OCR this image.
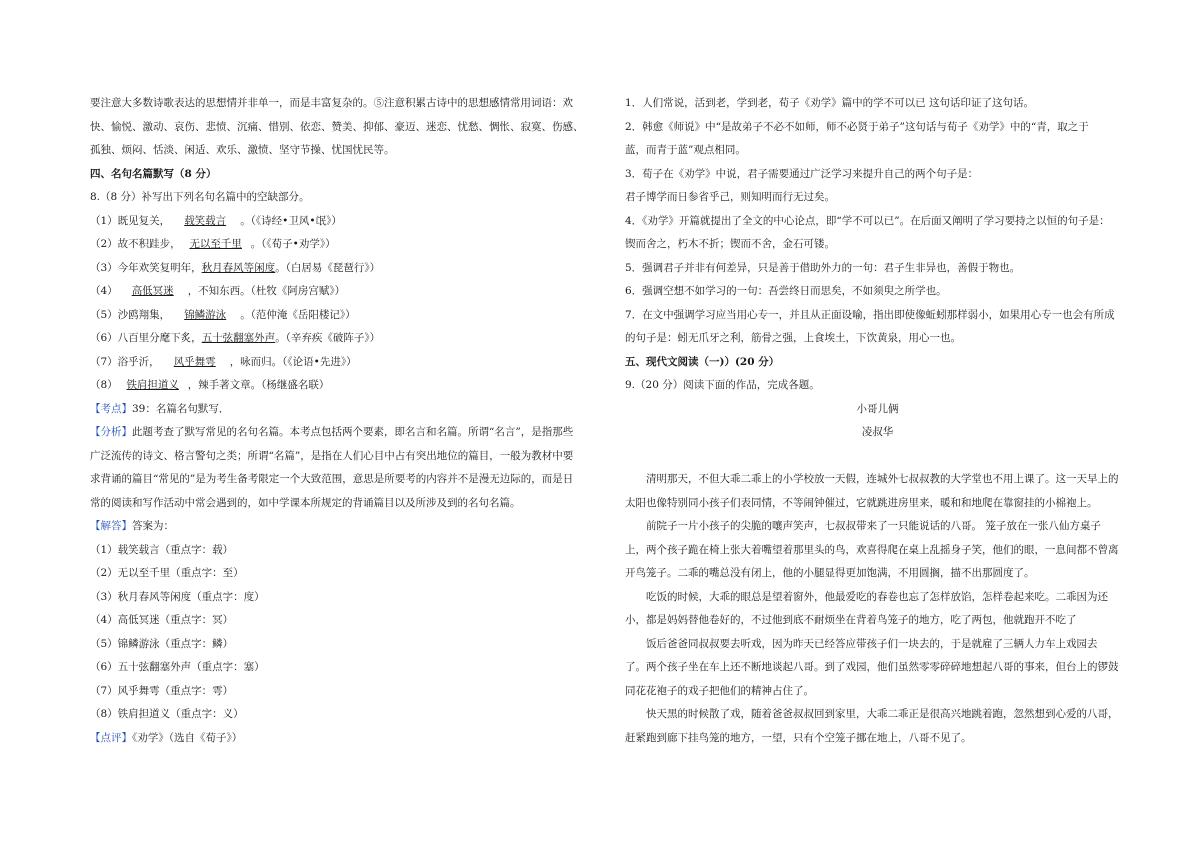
要注意大多数诗歌表达的思想情并非单一，而是丰富复杂的。⑤注意积累古诗中的思想感情常用词语：欢
快、愉悦、激动、哀伤、悲愤、沉痛、惜别、依恋、赞美、抑郁、豪迈、迷恋、忧愁、惆怅、寂寞、伤感、
孤独、烦闷、恬淡、闲适、欢乐、激愤、坚守节操、忧国忧民等。
四、名句名篇默写（8 分）
8.（8 分）补写出下列名句名篇中的空缺部分。
（1）既见复关， 载笑载言 。（《诗经•卫风•氓》）
（2）故不积跬步， 无以至千里 。（《荀子•劝学》）
（3）今年欢笑复明年，秋月春风等闲度。（白居易《琵琶行》）
（4） 高低冥迷 ，不知东西。（杜牧《阿房宫赋》）
（5）沙鸥翔集， 锦鳞游泳 。（范仲淹《岳阳楼记》）
（6）八百里分麾下炙，五十弦翻塞外声。（辛弃疾《破阵子》）
（7）浴乎沂， 风乎舞雩 ，咏而归。（《论语•先进》）
（8） 铁肩担道义 ，辣手著文章。（杨继盛名联）
【考点】39：名篇名句默写．
【分析】此题考查了默写常见的名句名篇。本考点包括两个要素，即名言和名篇。所谓“名言”，是指那些
广泛流传的诗文、格言警句之类；所谓“名篇”，是指在人们心目中占有突出地位的篇目，一般为教材中要
求背诵的篇目“常见的”是为考生备考限定一个大致范围，意思是所要考的内容并不是漫无边际的，而是日
常的阅读和写作活动中常会遇到的，如中学课本所规定的背诵篇目以及所涉及到的名句名篇。
【解答】答案为：
（1）载笑载言（重点字：载）
（2）无以至千里（重点字：至）
（3）秋月春风等闲度（重点字：度）
（4）高低冥迷（重点字：冥）
（5）锦鳞游泳（重点字：鳞）
（6）五十弦翻塞外声（重点字：塞）
（7）风乎舞雩（重点字：雩）
（8）铁肩担道义（重点字：义）
【点评】《劝学》（选自《荀子》）
1．人们常说，活到老，学到老，荀子《劝学》篇中的学不可以已 这句话印证了这句话。
2．韩愈《师说》中“是故弟子不必不如师，师不必贤于弟子”这句话与荀子《劝学》中的“青，取之于
蓝，而青于蓝”观点相同。
3．荀子在《劝学》中说，君子需要通过广泛学习来提升自己的两个句子是：
君子博学而日参省乎己，则知明而行无过矣。
4．《劝学》开篇就提出了全文的中心论点，即“学不可以已”。在后面又阐明了学习要持之以恒的句子是：
锲而舍之，朽木不折；锲而不舍，金石可镂。
5．强调君子并非有何差异，只是善于借助外力的一句：君子生非异也，善假于物也。
6．强调空想不如学习的一句：吾尝终日而思矣，不如须臾之所学也。
7．在文中强调学习应当用心专一，并且从正面设喻，指出即使像蚯蚓那样弱小，如果用心专一也会有所成
的句子是：蚓无爪牙之利，筋骨之强，上食埃土，下饮黄泉，用心一也。
五、现代文阅读（一)）(20 分）
9.（20 分）阅读下面的作品，完成各题。
小哥儿俩
凌叔华
清明那天，不但大乖二乖上的小学校放一天假，连城外七叔叔教的大学堂也不用上课了。这一天早上的
太阳也像特别同小孩子们表同情，不等闹钟催过，它就跳进房里来，暖和和地爬在靠窗挂的小棉袍上。
前院子一片小孩子的尖脆的嚷声笑声，七叔叔带来了一只能说话的八哥。 笼子放在一张八仙方桌子
上，两个孩子跪在椅上张大着嘴望着那里头的鸟，欢喜得爬在桌上乱摇身子笑，他们的眼，一息间都不曾离
开鸟笼子。二乖的嘴总没有闭上，他的小腿显得更加饱满，不用圆搁，描不出那圆度了。
吃饭的时候，大乖的眼总是望着窗外，他最爱吃的春卷也忘了怎样放馅，怎样卷起来吃。二乖因为还
小，都是妈妈替他卷好的，不过他到底不耐烦坐在背着鸟笼子的地方，吃了两包，他就跑开不吃了
饭后爸爸同叔叔要去听戏，因为昨天已经答应带孩子们一块去的，于是就雇了三辆人力车上戏园去
了。两个孩子坐在车上还不断地谈起八哥。到了戏园，他们虽然零零碎碎地想起八哥的事来，但台上的锣鼓
同花花袍子的戏子把他们的精神占住了。
快天黑的时候散了戏，随着爸爸叔叔回到家里，大乖二乖正是很高兴地跳着跑，忽然想到心爱的八哥，
赶紧跑到廊下挂鸟笼的地方，一望，只有个空笼子挪在地上，八哥不见了。
